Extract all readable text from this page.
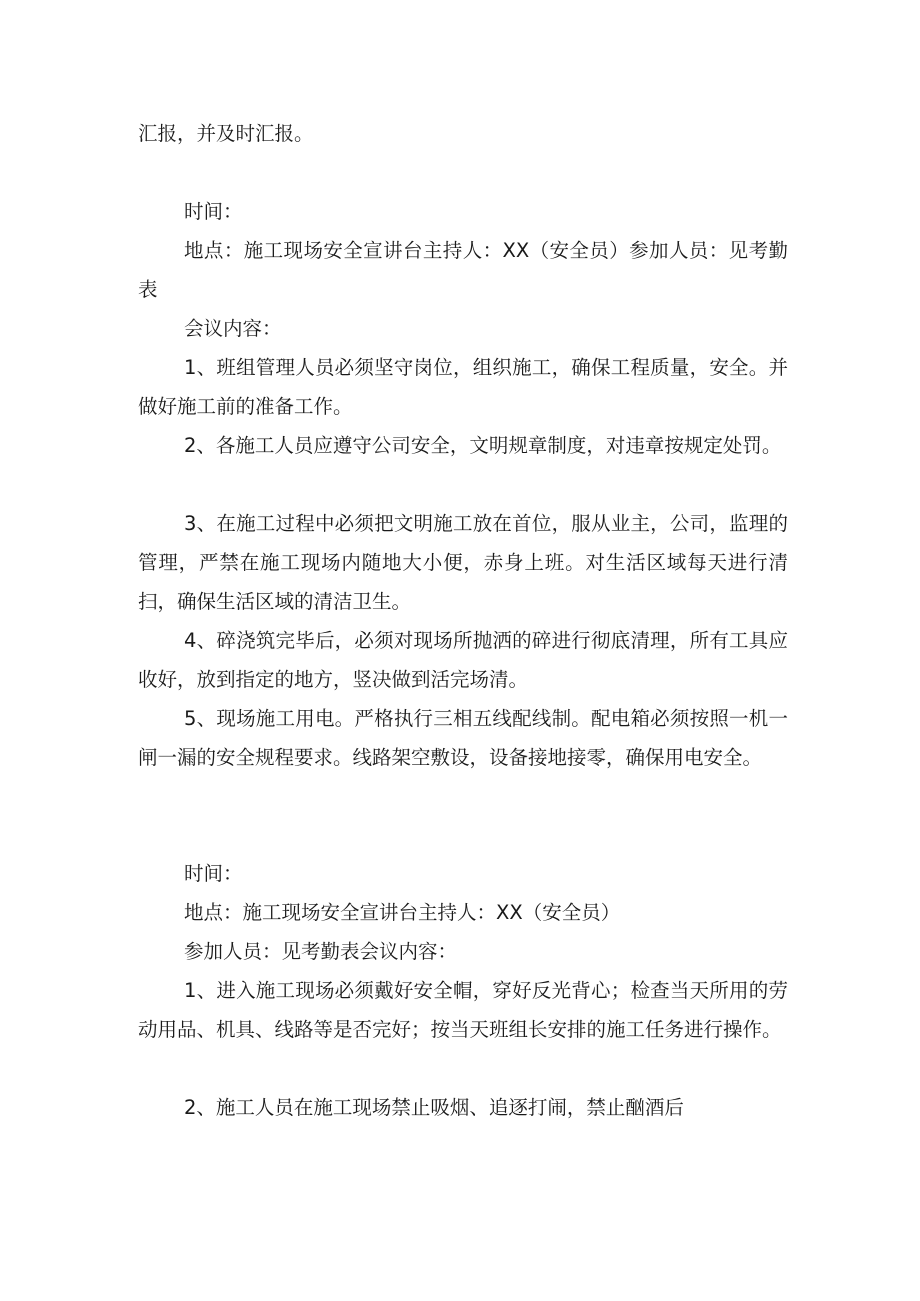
汇报，并及时汇报。

时间：

地点：施工现场安全宣讲台主持人：XX（安全员）参加人员：见考勤表

会议内容：

1、班组管理人员必须坚守岗位，组织施工，确保工程质量，安全。并做好施工前的准备工作。

2、各施工人员应遵守公司安全，文明规章制度，对违章按规定处罚。

3、在施工过程中必须把文明施工放在首位，服从业主，公司，监理的管理，严禁在施工现场内随地大小便，赤身上班。对生活区域每天进行清扫，确保生活区域的清洁卫生。

4、碎浇筑完毕后，必须对现场所抛洒的碎进行彻底清理，所有工具应收好，放到指定的地方，竖决做到活完场清。

5、现场施工用电。严格执行三相五线配线制。配电箱必须按照一机一闸一漏的安全规程要求。线路架空敷设，设备接地接零，确保用电安全。

时间：

地点：施工现场安全宣讲台主持人：XX（安全员）

参加人员：见考勤表会议内容：

1、进入施工现场必须戴好安全帽，穿好反光背心；检查当天所用的劳动用品、机具、线路等是否完好；按当天班组长安排的施工任务进行操作。

2、施工人员在施工现场禁止吸烟、追逐打闹，禁止酗酒后
